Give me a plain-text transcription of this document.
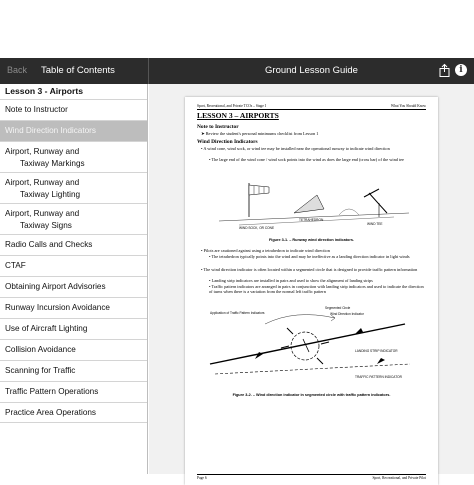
Back Table of Contents	Ground Lesson Guide	i
Lesson 3 - Airports
Note to Instructor
Wind Direction Indicators
Airport, Runway and
Taxiway Markings
Airport, Runway and
Taxiway Lighting
Airport, Runway and
Taxiway Signs
Radio Calls and Checks
CTAF
Obtaining Airport Advisories
Runway Incursion Avoidance
Use of Aircraft Lighting
Collision Avoidance
Scanning for Traffic
Traffic Pattern Operations
Practice Area Operations
Sport, Recreational, and Private TCOs – Stage I	What You Should Know
LESSON 3 – AIRPORTS
Note to Instructor
➤ Review the student's personal minimums checklist from Lesson 1
Wind Direction Indicators
• A wind cone, wind sock, or wind tee may be installed near the operational runway to indicate wind direction
• The large end of the wind cone / wind sock points into the wind as does the large end (cross bar) of the wind tee
WIND SOCK, OR CONE
TETRAHEDRON
WIND TEE
Figure 3-1. – Runway wind direction indicators.
• Pilots are cautioned against using a tetrahedron to indicate wind direction
• The tetrahedron typically points into the wind and may be ineffective as a landing direction indicator in light winds
• The wind direction indicator is often located within a segmented circle that is designed to provide traffic pattern information
• Landing strip indicators are installed in pairs and used to show the alignment of landing strips
• Traffic pattern indicators are arranged in pairs in conjunction with landing strip indicators and used to indicate the direction of turns when there is a variation from the normal left traffic pattern
Application of Traffic Pattern Indicators
Segmented Circle
Wind Direction Indicator
LANDING STRIP INDICATOR
TRAFFIC PATTERN INDICATOR
Figure 3-2. – Wind direction indicator in segmented circle with traffic pattern indicators.
Page 6	Sport, Recreational, and Private Pilot
